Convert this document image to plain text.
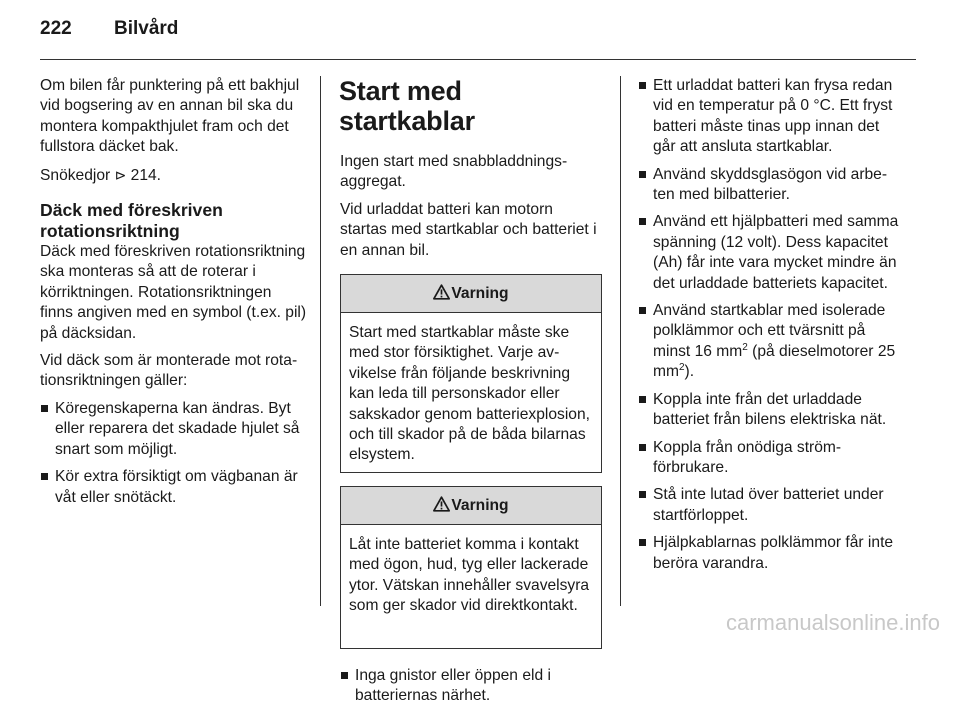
222 Bilvård

Om bilen får punktering på ett bakhjul vid bogsering av en annan bil ska du montera kompakthjulet fram och det fullstora däcket bak.

Snökedjor ⊳ 214.

Däck med föreskriven rotationsriktning

Däck med föreskriven rotationsriktning ska monteras så att de roterar i körriktningen. Rotationsriktningen finns angiven med en symbol (t.ex. pil) på däcksidan.

Vid däck som är monterade mot rotationsriktningen gäller:

Köregenskaperna kan ändras. Byt eller reparera det skadade hjulet så snart som möjligt.
Kör extra försiktigt om vägbanan är våt eller snötäckt.
Start med startkablar

Ingen start med snabbladdningsaggregat.

Vid urladdat batteri kan motorn startas med startkablar och batteriet i en annan bil.

Varning
Start med startkablar måste ske med stor försiktighet. Varje avvikelse från följande beskrivning kan leda till personskador eller sakskador genom batteriexplosion, och till skador på de båda bilarnas elsystem.
Varning
Låt inte batteriet komma i kontakt med ögon, hud, tyg eller lackerade ytor. Vätskan innehåller svavelsyra som ger skador vid direktkontakt.
Inga gnistor eller öppen eld i batteriernas närhet.
Ett urladdat batteri kan frysa redan vid en temperatur på 0 °C. Ett fryst batteri måste tinas upp innan det går att ansluta startkablar.
Använd skyddsglasögon vid arbeten med bilbatterier.
Använd ett hjälpbatteri med samma spänning (12 volt). Dess kapacitet (Ah) får inte vara mycket mindre än det urladdade batteriets kapacitet.
Använd startkablar med isolerade polklämmor och ett tvärsnitt på minst 16 $mm^2$ (på dieselmotorer 25 $mm^2$).
Koppla inte från det urladdade batteriet från bilens elektriska nät.
Koppla från onödiga strömförbrukare.
Stå inte lutad över batteriet under startförloppet.
Hjälpkablarnas polklämmor får inte beröra varandra.
carmanualsonline.info
